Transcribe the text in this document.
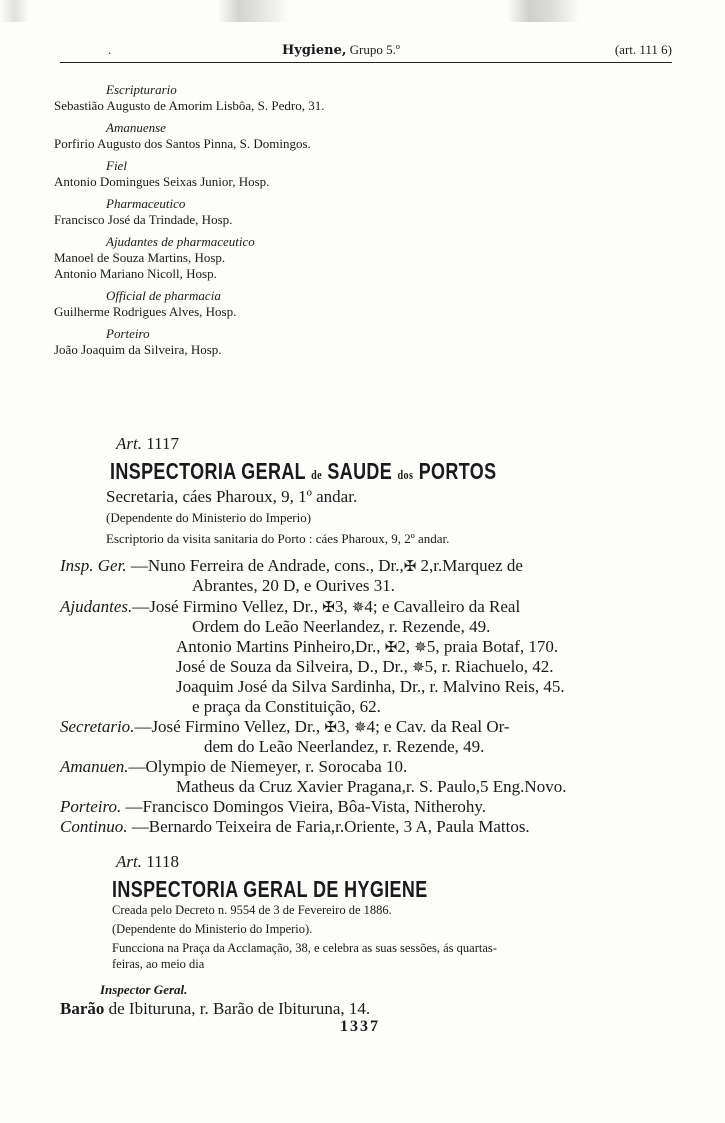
.	Hygiene, Grupo 5.º	(art. 111 6)
Escripturario
Sebastião Augusto de Amorim Lisbôa, S. Pedro, 31.
Amanuense
Porfirio Augusto dos Santos Pinna, S. Domingos.
Fiel
Antonio Domingues Seixas Junior, Hosp.
Pharmaceutico
Francisco José da Trindade, Hosp.
Ajudantes de pharmaceutico
Manoel de Souza Martins, Hosp.
Antonio Mariano Nicoll, Hosp.
Official de pharmacia
Guilherme Rodrigues Alves, Hosp.
Porteiro
João Joaquim da Silveira, Hosp.
Art. 1117
INSPECTORIA GERAL de SAUDE dos PORTOS
Secretaria, cáes Pharoux, 9, 1º andar.
(Dependente do Ministerio do Imperio)
Escriptorio da visita sanitaria do Porto : cáes Pharoux, 9, 2º andar.
Insp. Ger. —Nuno Ferreira de Andrade, cons., Dr.,✠ 2,r.Marquez de
Abrantes, 20 D, e Ourives 31.
Ajudantes.—José Firmino Vellez, Dr., ✠3, ✵4; e Cavalleiro da Real
Ordem do Leão Neerlandez, r. Rezende, 49.
Antonio Martins Pinheiro,Dr., ✠2, ✵5, praia Botaf, 170.
José de Souza da Silveira, D., Dr., ✵5, r. Riachuelo, 42.
Joaquim José da Silva Sardinha, Dr., r. Malvino Reis, 45.
e praça da Constituição, 62.
Secretario.—José Firmino Vellez, Dr., ✠3, ✵4; e Cav. da Real Or-
dem do Leão Neerlandez, r. Rezende, 49.
Amanuen.—Olympio de Niemeyer, r. Sorocaba 10.
Matheus da Cruz Xavier Pragana,r. S. Paulo,5 Eng.Novo.
Porteiro. —Francisco Domingos Vieira, Bôa-Vista, Nitherohy.
Continuo. —Bernardo Teixeira de Faria,r.Oriente, 3 A, Paula Mattos.
Art. 1118
INSPECTORIA GERAL DE HYGIENE
Creada pelo Decreto n. 9554 de 3 de Fevereiro de 1886.
(Dependente do Ministerio do Imperio).
Funcciona na Praça da Acclamação, 38, e celebra as suas sessões, ás quartas-
feiras, ao meio dia
Inspector Geral.
Barão de Ibituruna, r. Barão de Ibituruna, 14.
1337
